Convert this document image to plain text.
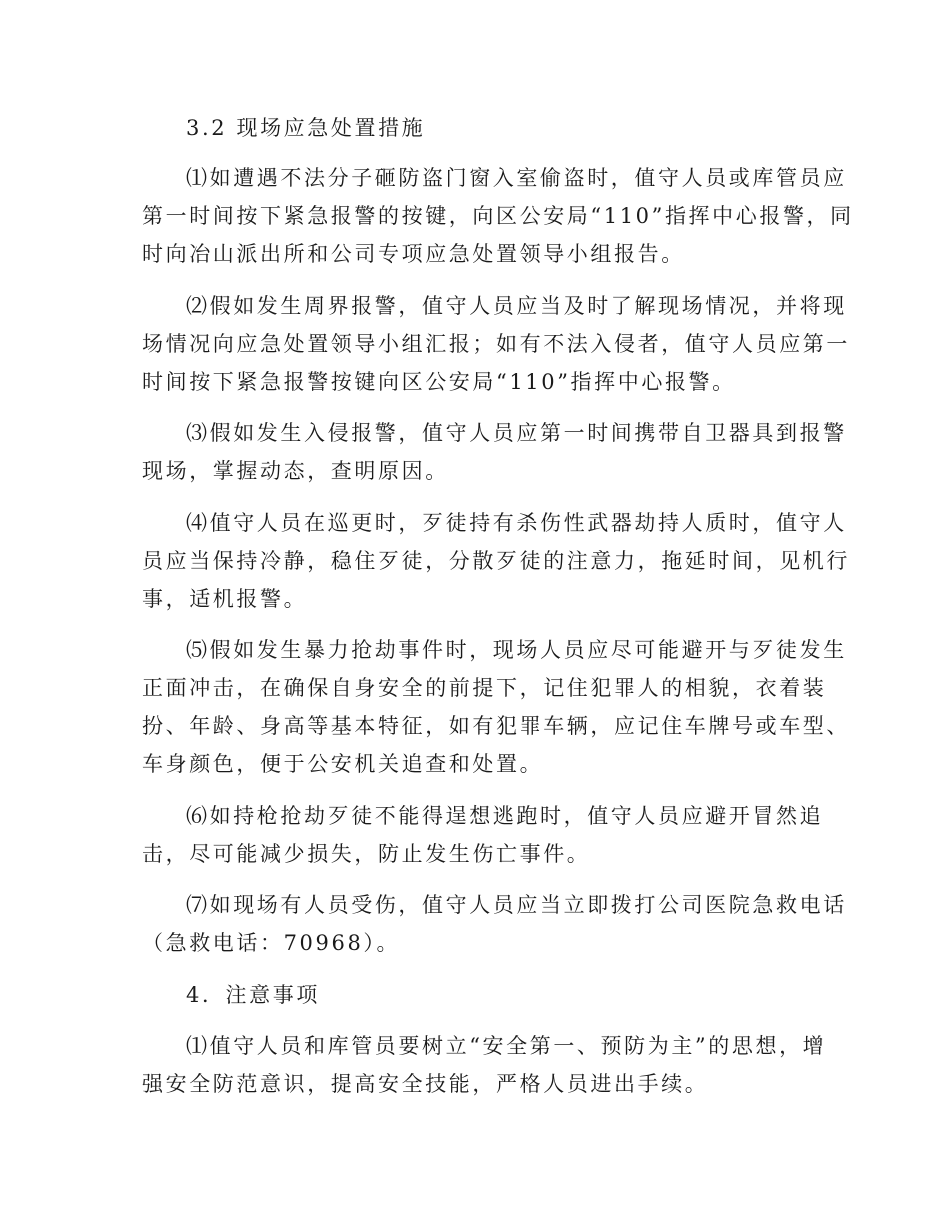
3.2 现场应急处置措施
⑴如遭遇不法分子砸防盗门窗入室偷盗时，值守人员或库管员应
第一时间按下紧急报警的按键，向区公安局“110”指挥中心报警，同
时向冶山派出所和公司专项应急处置领导小组报告。
⑵假如发生周界报警，值守人员应当及时了解现场情况，并将现
场情况向应急处置领导小组汇报；如有不法入侵者，值守人员应第一
时间按下紧急报警按键向区公安局“110”指挥中心报警。
⑶假如发生入侵报警，值守人员应第一时间携带自卫器具到报警
现场，掌握动态，查明原因。
⑷值守人员在巡更时，歹徒持有杀伤性武器劫持人质时，值守人
员应当保持冷静，稳住歹徒，分散歹徒的注意力，拖延时间，见机行
事，适机报警。
⑸假如发生暴力抢劫事件时，现场人员应尽可能避开与歹徒发生
正面冲击，在确保自身安全的前提下，记住犯罪人的相貌，衣着装
扮、年龄、身高等基本特征，如有犯罪车辆，应记住车牌号或车型、
车身颜色，便于公安机关追查和处置。
⑹如持枪抢劫歹徒不能得逞想逃跑时，值守人员应避开冒然追
击，尽可能减少损失，防止发生伤亡事件。
⑺如现场有人员受伤，值守人员应当立即拨打公司医院急救电话
（急救电话：70968）。
4．注意事项
⑴值守人员和库管员要树立“安全第一、预防为主”的思想，增
强安全防范意识，提高安全技能，严格人员进出手续。
